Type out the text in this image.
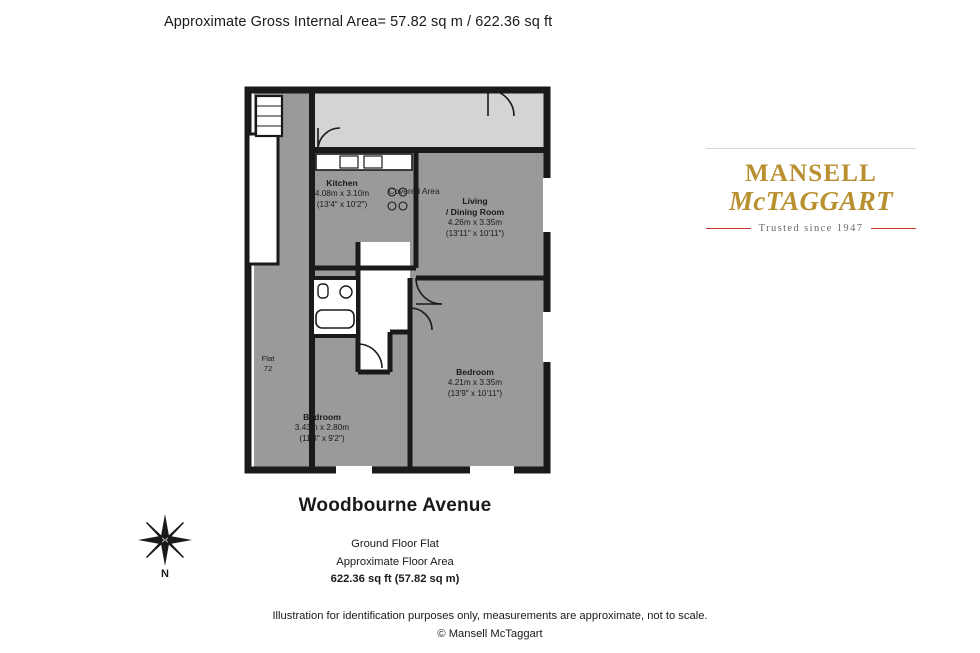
Approximate Gross Internal Area= 57.82 sq m / 622.36 sq ft
Covered Area
Kitchen
4.08m x 3.10m
(13'4" x 10'2")	Living
/ Dining Room
4.26m x 3.35m
(13'11" x 10'11")
Bedroom
4.21m x 3.35m
(13'9" x 10'11")
Bedroom
3.43m x 2.80m
(11'3" x 9'2")
Flat
72
MANSELL
McTAGGART
Trusted since 1947
Woodbourne Avenue
N
Ground Floor Flat
Approximate Floor Area
622.36 sq ft (57.82 sq m)
Illustration for identification purposes only, measurements are approximate, not to scale.
© Mansell McTaggart
